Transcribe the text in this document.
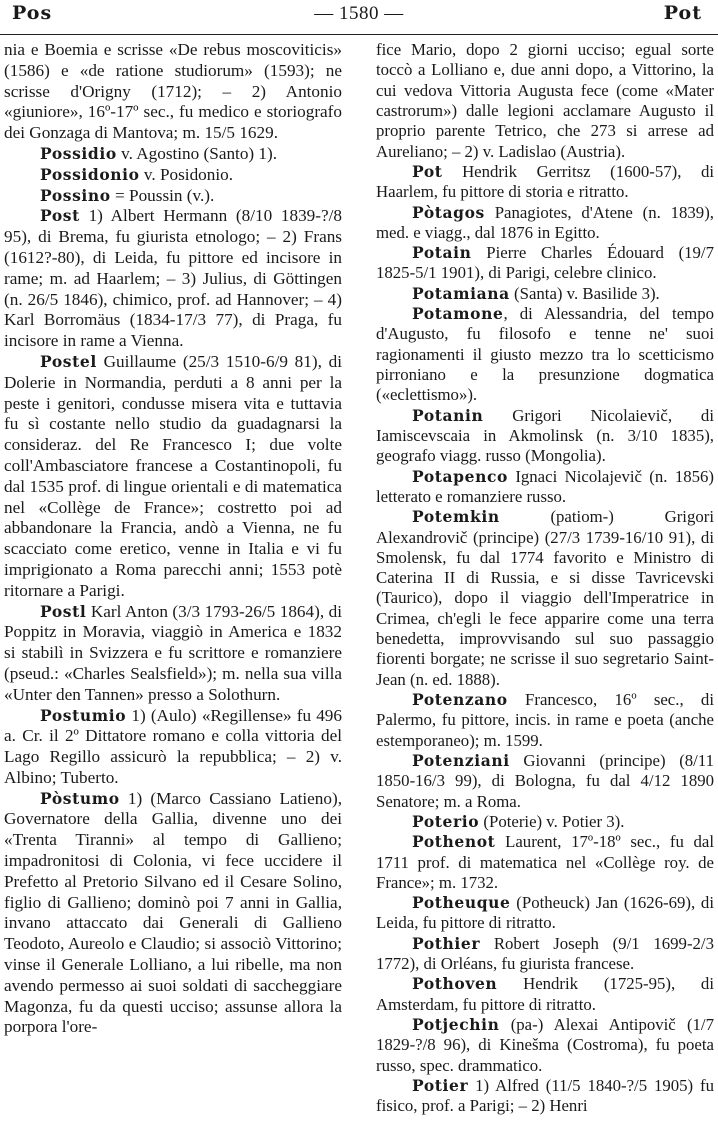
Pos	— 1580 —	Pot

nia e Boemia e scrisse «De rebus moscoviticis» (1586) e «de ratione studiorum» (1593); ne scrisse d'Origny (1712); – 2) Antonio «giuniore», 16º-17º sec., fu medico e storiografo dei Gonzaga di Mantova; m. 15/5 1629.

Possidio v. Agostino (Santo) 1).

Possidonio v. Posidonio.

Possino = Poussin (v.).

Post 1) Albert Hermann (8/10 1839-?/8 95), di Brema, fu giurista etnologo; – 2) Frans (1612?-80), di Leida, fu pittore ed incisore in rame; m. ad Haarlem; – 3) Julius, di Göttingen (n. 26/5 1846), chimico, prof. ad Hannover; – 4) Karl Borromäus (1834-17/3 77), di Praga, fu incisore in rame a Vienna.

Postel Guillaume (25/3 1510-6/9 81), di Dolerie in Normandia, perduti a 8 anni per la peste i genitori, condusse misera vita e tuttavia fu sì costante nello studio da guadagnarsi la consideraz. del Re Francesco I; due volte coll'Ambasciatore francese a Costantinopoli, fu dal 1535 prof. di lingue orientali e di matematica nel «Collège de France»; costretto poi ad abbandonare la Francia, andò a Vienna, ne fu scacciato come eretico, venne in Italia e vi fu imprigionato a Roma parecchi anni; 1553 potè ritornare a Parigi.

Postl Karl Anton (3/3 1793-26/5 1864), di Poppitz in Moravia, viaggiò in America e 1832 si stabilì in Svizzera e fu scrittore e romanziere (pseud.: «Charles Sealsfield»); m. nella sua villa «Unter den Tannen» presso a Solothurn.

Postumio 1) (Aulo) «Regillense» fu 496 a. Cr. il 2º Dittatore romano e colla vittoria del Lago Regillo assicurò la repubblica; – 2) v. Albino; Tuberto.

Pòstumo 1) (Marco Cassiano Latieno), Governatore della Gallia, divenne uno dei «Trenta Tiranni» al tempo di Gallieno; impadronitosi di Colonia, vi fece uccidere il Prefetto al Pretorio Silvano ed il Cesare Solino, figlio di Gallieno; dominò poi 7 anni in Gallia, invano attaccato dai Generali di Gallieno Teodoto, Aureolo e Claudio; si associò Vittorino; vinse il Generale Lolliano, a lui ribelle, ma non avendo permesso ai suoi soldati di saccheggiare Magonza, fu da questi ucciso; assunse allora la porpora l'ore-

fice Mario, dopo 2 giorni ucciso; egual sorte toccò a Lolliano e, due anni dopo, a Vittorino, la cui vedova Vittoria Augusta fece (come «Mater castrorum») dalle legioni acclamare Augusto il proprio parente Tetrico, che 273 si arrese ad Aureliano; – 2) v. Ladislao (Austria).

Pot Hendrik Gerritsz (1600-57), di Haarlem, fu pittore di storia e ritratto.

Pòtagos Panagiotes, d'Atene (n. 1839), med. e viagg., dal 1876 in Egitto.

Potain Pierre Charles Édouard (19/7 1825-5/1 1901), di Parigi, celebre clinico.

Potamiana (Santa) v. Basilide 3).

Potamone, di Alessandria, del tempo d'Augusto, fu filosofo e tenne ne' suoi ragionamenti il giusto mezzo tra lo scetticismo pirroniano e la presunzione dogmatica («eclettismo»).

Potanin Grigori Nicolaievič, di Iamiscevscaia in Akmolinsk (n. 3/10 1835), geografo viagg. russo (Mongolia).

Potapenco Ignaci Nicolajevič (n. 1856) letterato e romanziere russo.

Potemkin	(patiom-) Grigori Alexandrovič (principe) (27/3 1739-16/10 91), di Smolensk, fu dal 1774 favorito e Ministro di Caterina II di Russia, e si disse Tavricevski (Taurico), dopo il viaggio dell'Imperatrice in Crimea, ch'egli le fece apparire come una terra benedetta, improvvisando sul suo passaggio fiorenti borgate; ne scrisse il suo segretario Saint-Jean (n. ed. 1888).

Potenzano Francesco, 16º sec., di Palermo, fu pittore, incis. in rame e poeta (anche estemporaneo); m. 1599.

Potenziani Giovanni (principe) (8/11 1850-16/3 99), di Bologna, fu dal 4/12 1890 Senatore; m. a Roma.

Poterio (Poterie) v. Potier 3).

Pothenot Laurent, 17º-18º sec., fu dal 1711 prof. di matematica nel «Collège roy. de France»; m. 1732.

Potheuque (Potheuck) Jan (1626-69), di Leida, fu pittore di ritratto.

Pothier Robert Joseph (9/1 1699-2/3 1772), di Orléans, fu giurista francese.

Pothoven Hendrik (1725-95), di Amsterdam, fu pittore di ritratto.

Potjechin (pa-) Alexai Antipovič (1/7 1829-?/8 96), di Kinešma (Costroma), fu poeta russo, spec. drammatico.

Potier 1) Alfred (11/5 1840-?/5 1905) fu fisico, prof. a Parigi; – 2) Henri
